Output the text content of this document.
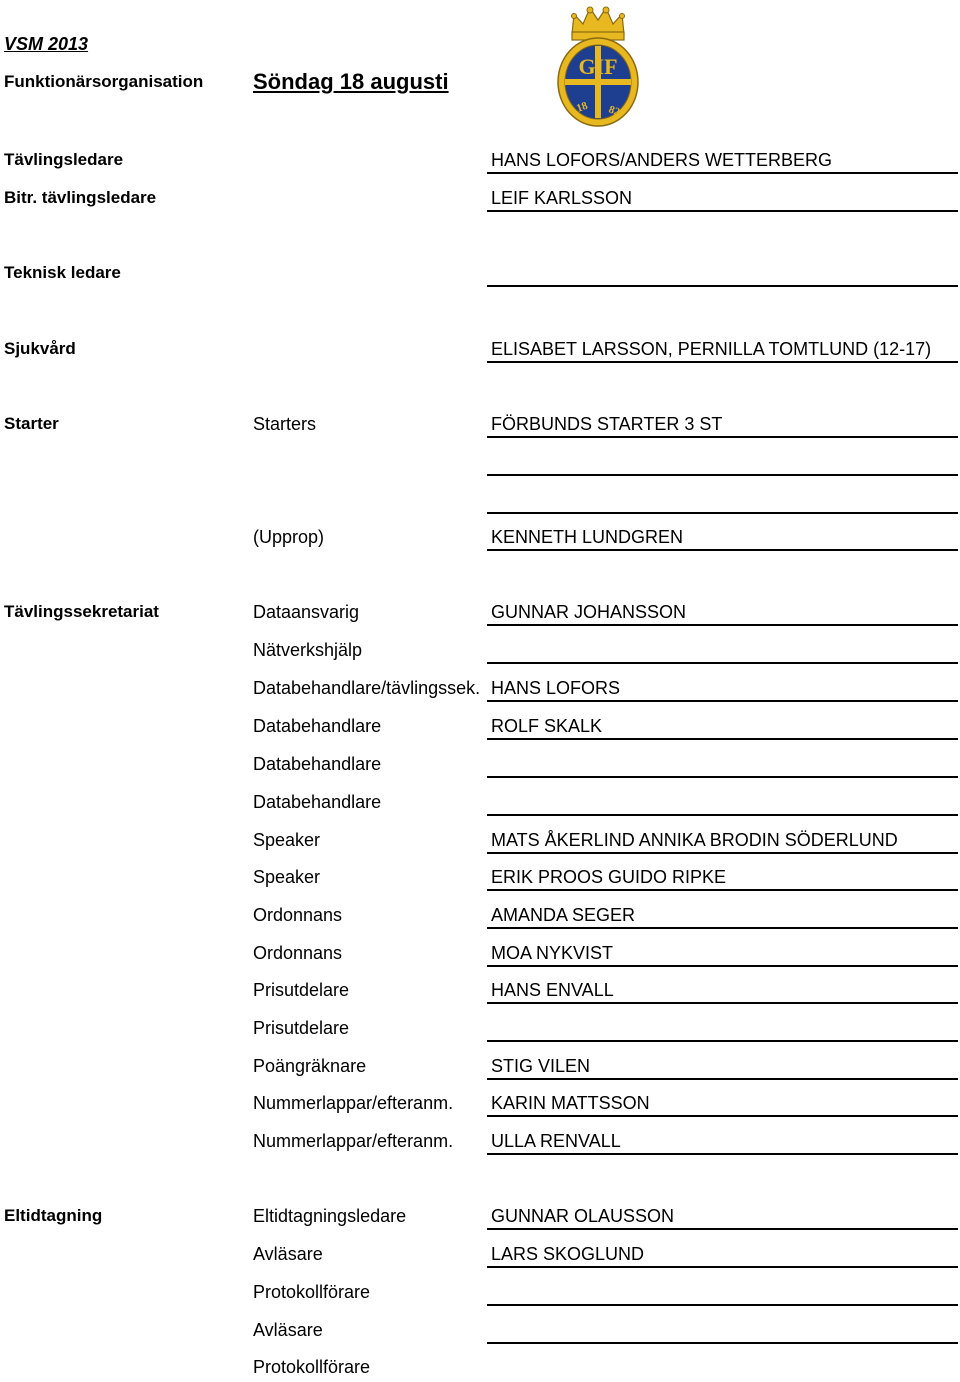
VSM 2013
Funktionärsorganisation Söndag 18 augusti
GIF
18 82
Tävlingsledare	HANS LOFORS/ANDERS WETTERBERG
Bitr. tävlingsledare	LEIF KARLSSON
Teknisk ledare
Sjukvård	ELISABET LARSSON, PERNILLA TOMTLUND (12-17)
Starter	Starters	FÖRBUNDS STARTER 3 ST
(Upprop)	KENNETH LUNDGREN
Tävlingssekretariat	Dataansvarig	GUNNAR JOHANSSON
Nätverkshjälp
Databehandlare/tävlingssek. HANS LOFORS
Databehandlare	ROLF SKALK
Databehandlare
Databehandlare
Speaker	MATS ÅKERLIND ANNIKA BRODIN SÖDERLUND
Speaker	ERIK PROOS GUIDO RIPKE
Ordonnans	AMANDA SEGER
Ordonnans	MOA NYKVIST
Prisutdelare	HANS ENVALL
Prisutdelare
Poängräknare	STIG VILEN
Nummerlappar/efteranm. KARIN MATTSSON
Nummerlappar/efteranm. ULLA RENVALL
Eltidtagning	Eltidtagningsledare	GUNNAR OLAUSSON
Avläsare	LARS SKOGLUND
Protokollförare
Avläsare
Protokollförare
